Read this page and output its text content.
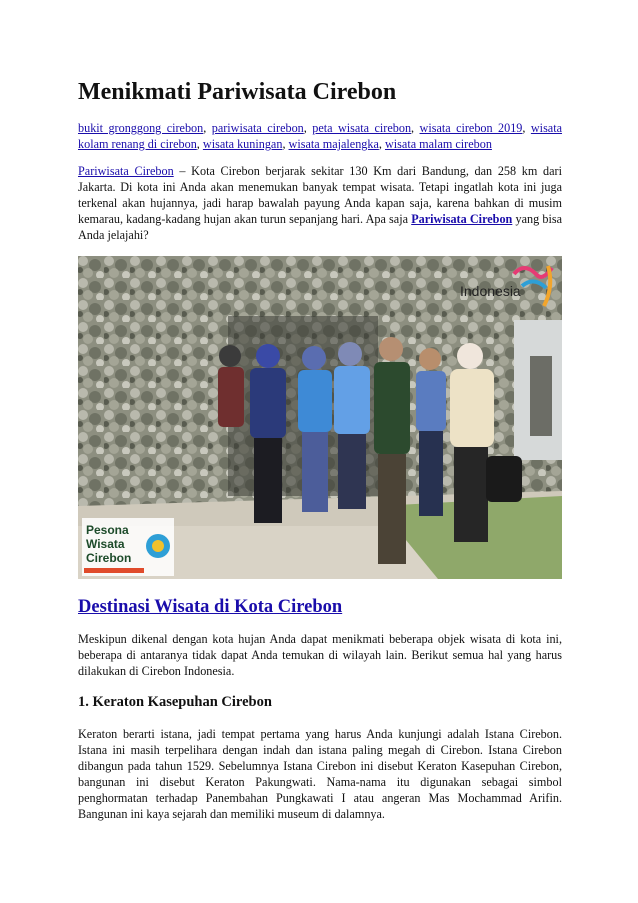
Menikmati Pariwisata Cirebon
bukit gronggong cirebon, pariwisata cirebon, peta wisata cirebon, wisata cirebon 2019, wisata kolam renang di cirebon, wisata kuningan, wisata majalengka, wisata malam cirebon
Pariwisata Cirebon – Kota Cirebon berjarak sekitar 130 Km dari Bandung, dan 258 km dari Jakarta. Di kota ini Anda akan menemukan banyak tempat wisata. Tetapi ingatlah kota ini juga terkenal akan hujannya, jadi harap bawalah payung Anda kapan saja, karena bahkan di musim kemarau, kadang-kadang hujan akan turun sepanjang hari. Apa saja Pariwisata Cirebon yang bisa Anda jelajahi?
Indonesia
Pesona
Wisata
Cirebon
Destinasi Wisata di Kota Cirebon
Meskipun dikenal dengan kota hujan Anda dapat menikmati beberapa objek wisata di kota ini, beberapa di antaranya tidak dapat Anda temukan di wilayah lain. Berikut semua hal yang harus dilakukan di Cirebon Indonesia.
1. Keraton Kasepuhan Cirebon
Keraton berarti istana, jadi tempat pertama yang harus Anda kunjungi adalah Istana Cirebon. Istana ini masih terpelihara dengan indah dan istana paling megah di Cirebon. Istana Cirebon dibangun pada tahun 1529. Sebelumnya Istana Cirebon ini disebut Keraton Kasepuhan Cirebon, bangunan ini disebut Keraton Pakungwati. Nama-nama itu digunakan sebagai simbol penghormatan terhadap Panembahan Pungkawati I atau angeran Mas Mochammad Arifin. Bangunan ini kaya sejarah dan memiliki museum di dalamnya.
